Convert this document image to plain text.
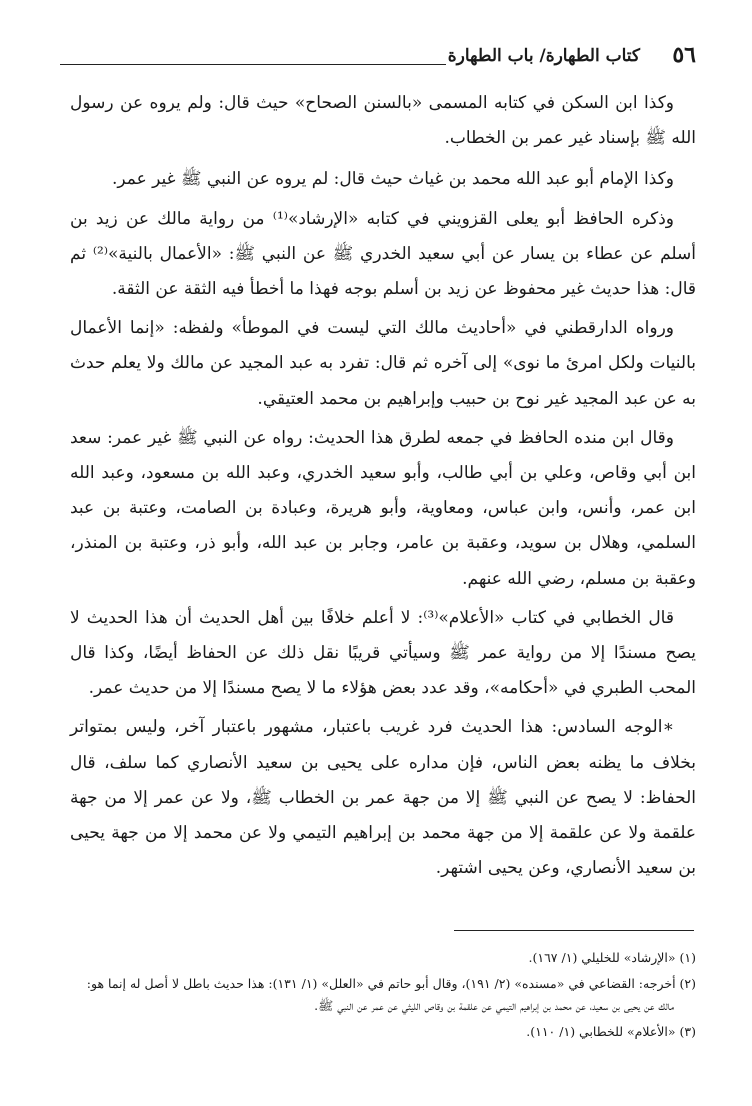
٥٦
كتاب الطهارة/ باب الطهارة

وكذا ابن السكن في كتابه المسمى «بالسنن الصحاح» حيث قال: ولم يروه عن رسول الله ﷺ بإسناد غير عمر بن الخطاب.

وكذا الإمام أبو عبد الله محمد بن غياث حيث قال: لم يروه عن النبي ﷺ غير عمر.

وذكره الحافظ أبو يعلى القزويني في كتابه «الإرشاد»⁽¹⁾ من رواية مالك عن زيد بن أسلم عن عطاء بن يسار عن أبي سعيد الخدري ﷺ عن النبي ﷺ: «الأعمال بالنية»⁽²⁾ ثم قال: هذا حديث غير محفوظ عن زيد بن أسلم بوجه فهذا ما أخطأ فيه الثقة عن الثقة.

ورواه الدارقطني في «أحاديث مالك التي ليست في الموطأ» ولفظه: «إنما الأعمال بالنيات ولكل امرئ ما نوى» إلى آخره ثم قال: تفرد به عبد المجيد عن مالك ولا يعلم حدث به عن عبد المجيد غير نوح بن حبيب وإبراهيم بن محمد العتيقي.

وقال ابن منده الحافظ في جمعه لطرق هذا الحديث: رواه عن النبي ﷺ غير عمر: سعد ابن أبي وقاص، وعلي بن أبي طالب، وأبو سعيد الخدري، وعبد الله بن مسعود، وعبد الله ابن عمر، وأنس، وابن عباس، ومعاوية، وأبو هريرة، وعبادة بن الصامت، وعتبة بن عبد السلمي، وهلال بن سويد، وعقبة بن عامر، وجابر بن عبد الله، وأبو ذر، وعتبة بن المنذر، وعقبة بن مسلم، رضي الله عنهم.

قال الخطابي في كتاب «الأعلام»⁽³⁾: لا أعلم خلافًا بين أهل الحديث أن هذا الحديث لا يصح مسندًا إلا من رواية عمر ﷺ وسيأتي قريبًا نقل ذلك عن الحفاظ أيضًا، وكذا قال المحب الطبري في «أحكامه»، وقد عدد بعض هؤلاء ما لا يصح مسندًا إلا من حديث عمر.

∗ الوجه السادس: هذا الحديث فرد غريب باعتبار، مشهور باعتبار آخر، وليس بمتواتر بخلاف ما يظنه بعض الناس، فإن مداره على يحيى بن سعيد الأنصاري كما سلف، قال الحفاظ: لا يصح عن النبي ﷺ إلا من جهة عمر بن الخطاب ﷺ، ولا عن عمر إلا من جهة علقمة ولا عن علقمة إلا من جهة محمد بن إبراهيم التيمي ولا عن محمد إلا من جهة يحيى بن سعيد الأنصاري، وعن يحيى اشتهر.

(١) «الإرشاد» للخليلي (١/ ١٦٧).

(٢) أخرجه: القضاعي في «مسنده» (٢/ ١٩١)، وقال أبو حاتم في «العلل» (١/ ١٣١): هذا حديث باطل لا أصل له إنما هو:

مالك عن يحيى بن سعيد، عن محمد بن إبراهيم التيمي عن علقمة بن وقاص الليثي عن عمر عن النبي ﷺ.

(٣) «الأعلام» للخطابي (١/ ١١٠).
